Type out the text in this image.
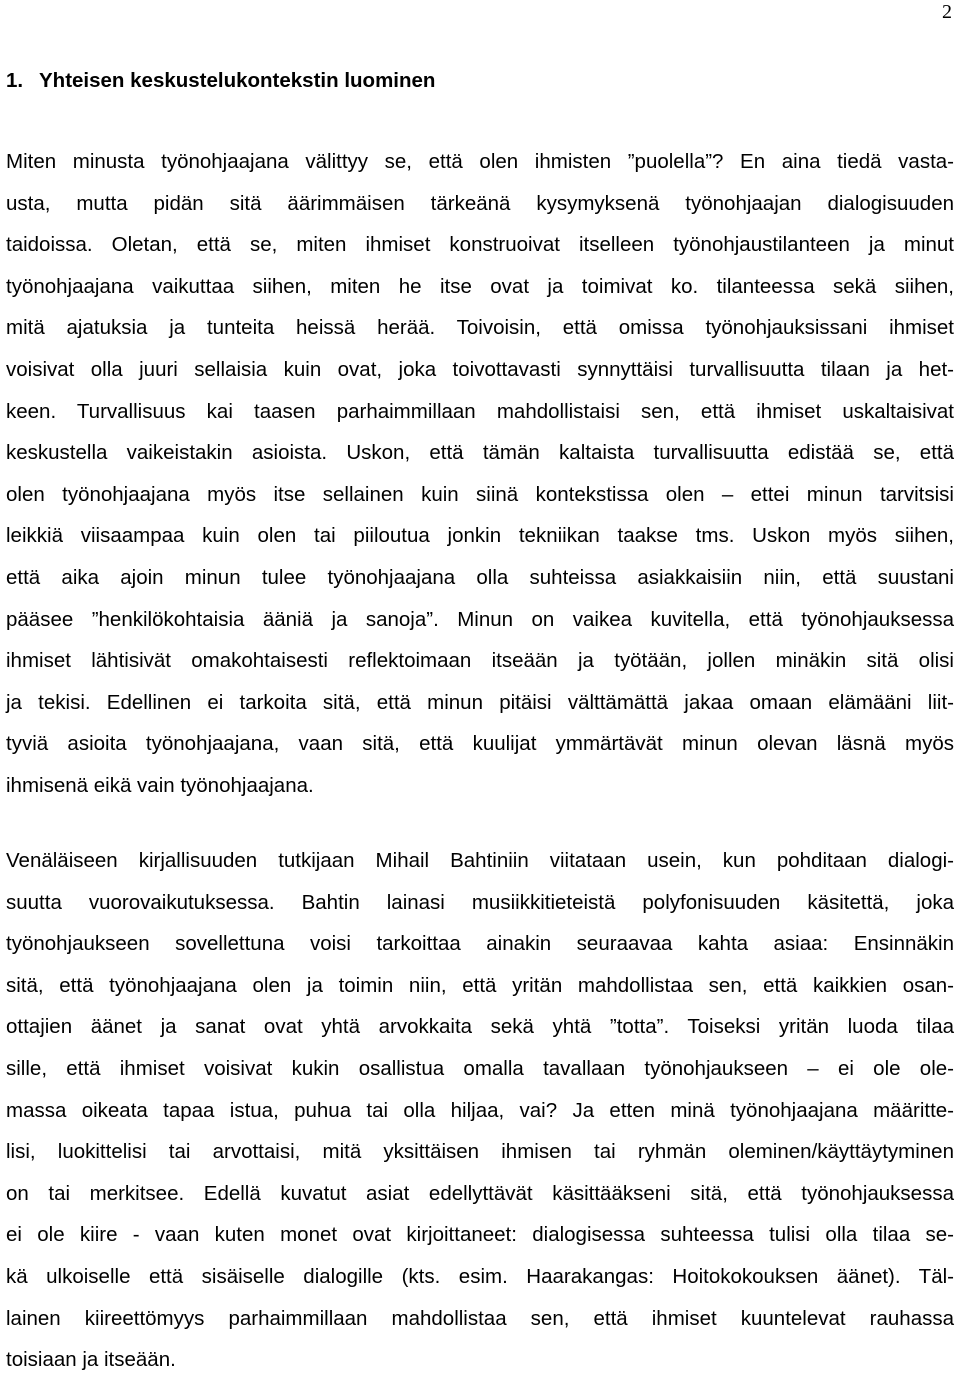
2
1. Yhteisen keskustelukontekstin luominen
Miten minusta työnohjaajana välittyy se, että olen ihmisten ”puolella”? En aina tiedä vasta-
usta, mutta pidän sitä äärimmäisen tärkeänä kysymyksenä työnohjaajan dialogisuuden
taidoissa. Oletan, että se, miten ihmiset konstruoivat itselleen työnohjaustilanteen ja minut
työnohjaajana vaikuttaa siihen, miten he itse ovat ja toimivat ko. tilanteessa sekä siihen,
mitä ajatuksia ja tunteita heissä herää. Toivoisin, että omissa työnohjauksissani ihmiset
voisivat olla juuri sellaisia kuin ovat, joka toivottavasti synnyttäisi turvallisuutta tilaan ja het-
keen. Turvallisuus kai taasen parhaimmillaan mahdollistaisi sen, että ihmiset uskaltaisivat
keskustella vaikeistakin asioista. Uskon, että tämän kaltaista turvallisuutta edistää se, että
olen työnohjaajana myös itse sellainen kuin siinä kontekstissa olen – ettei minun tarvitsisi
leikkiä viisaampaa kuin olen tai piiloutua jonkin tekniikan taakse tms. Uskon myös siihen,
että aika ajoin minun tulee työnohjaajana olla suhteissa asiakkaisiin niin, että suustani
pääsee ”henkilökohtaisia ääniä ja sanoja”. Minun on vaikea kuvitella, että työnohjauksessa
ihmiset lähtisivät omakohtaisesti reflektoimaan itseään ja työtään, jollen minäkin sitä olisi
ja tekisi. Edellinen ei tarkoita sitä, että minun pitäisi välttämättä jakaa omaan elämääni liit-
tyviä asioita työnohjaajana, vaan sitä, että kuulijat ymmärtävät minun olevan läsnä myös
ihmisenä eikä vain työnohjaajana.
Venäläiseen kirjallisuuden tutkijaan Mihail Bahtiniin viitataan usein, kun pohditaan dialogi-
suutta vuorovaikutuksessa. Bahtin lainasi musiikkitieteistä polyfonisuuden käsitettä, joka
työnohjaukseen sovellettuna voisi tarkoittaa ainakin seuraavaa kahta asiaa: Ensinnäkin
sitä, että työnohjaajana olen ja toimin niin, että yritän mahdollistaa sen, että kaikkien osan-
ottajien äänet ja sanat ovat yhtä arvokkaita sekä yhtä ”totta”. Toiseksi yritän luoda tilaa
sille, että ihmiset voisivat kukin osallistua omalla tavallaan työnohjaukseen – ei ole ole-
massa oikeata tapaa istua, puhua tai olla hiljaa, vai? Ja etten minä työnohjaajana määritte-
lisi, luokittelisi tai arvottaisi, mitä yksittäisen ihmisen tai ryhmän oleminen/käyttäytyminen
on tai merkitsee. Edellä kuvatut asiat edellyttävät käsittääkseni sitä, että työnohjauksessa
ei ole kiire - vaan kuten monet ovat kirjoittaneet: dialogisessa suhteessa tulisi olla tilaa se-
kä ulkoiselle että sisäiselle dialogille (kts. esim. Haarakangas: Hoitokokouksen äänet). Täl-
lainen kiireettömyys parhaimmillaan mahdollistaa sen, että ihmiset kuuntelevat rauhassa
toisiaan ja itseään.
